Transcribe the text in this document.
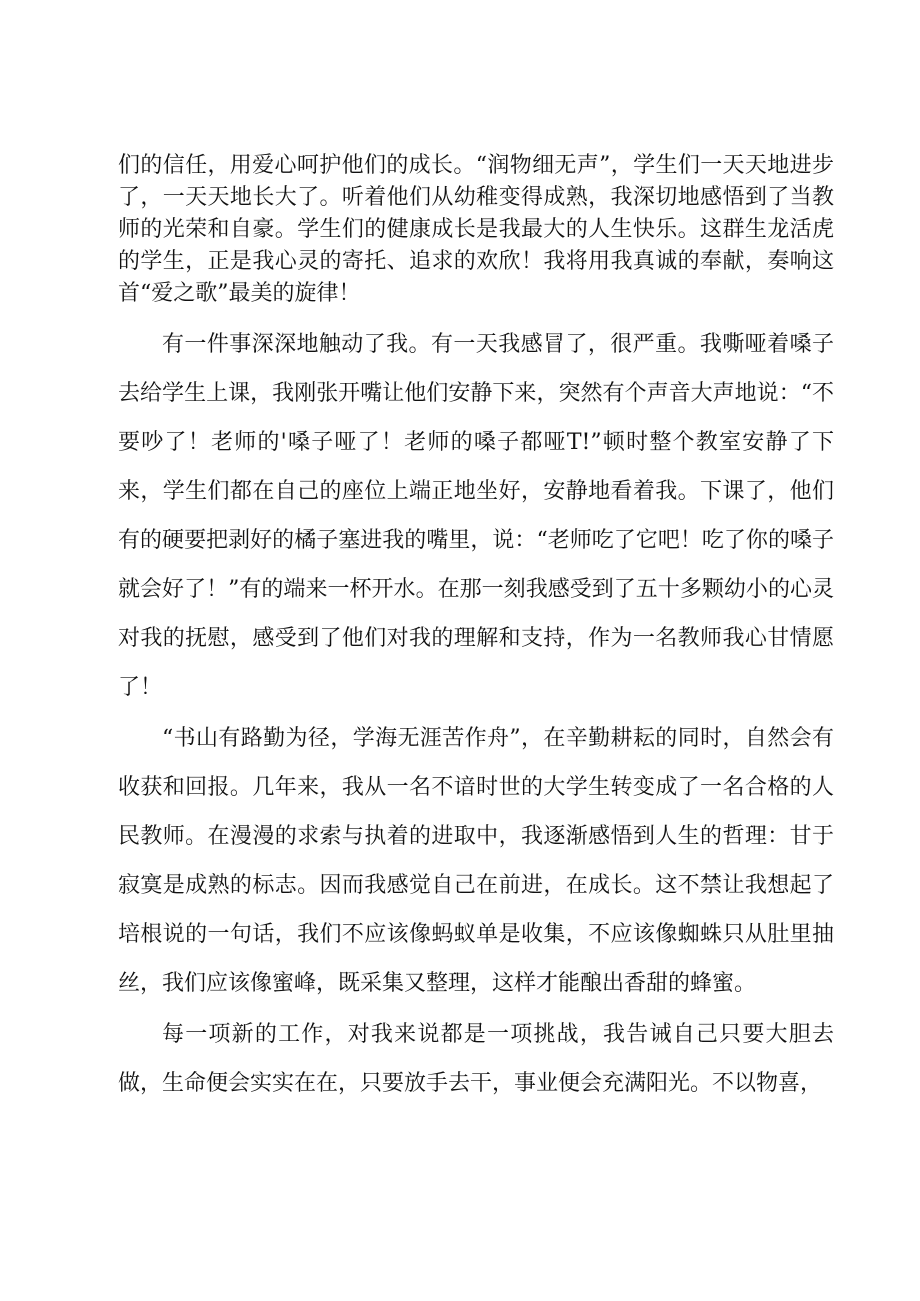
们的信任，用爱心呵护他们的成长。“润物细无声”，学生们一天天地进步了，一天天地长大了。听着他们从幼稚变得成熟，我深切地感悟到了当教师的光荣和自豪。学生们的健康成长是我最大的人生快乐。这群生龙活虎的学生，正是我心灵的寄托、追求的欢欣！我将用我真诚的奉献，奏响这首“爱之歌”最美的旋律！

有一件事深深地触动了我。有一天我感冒了，很严重。我嘶哑着嗓子去给学生上课，我刚张开嘴让他们安静下来，突然有个声音大声地说：“不要吵了！老师的'嗓子哑了！老师的嗓子都哑T!”顿时整个教室安静了下来，学生们都在自己的座位上端正地坐好，安静地看着我。下课了，他们有的硬要把剥好的橘子塞进我的嘴里，说：“老师吃了它吧！吃了你的嗓子就会好了！”有的端来一杯开水。在那一刻我感受到了五十多颗幼小的心灵对我的抚慰，感受到了他们对我的理解和支持，作为一名教师我心甘情愿了！

“书山有路勤为径，学海无涯苦作舟”，在辛勤耕耘的同时，自然会有收获和回报。几年来，我从一名不谙时世的大学生转变成了一名合格的人民教师。在漫漫的求索与执着的进取中，我逐渐感悟到人生的哲理：甘于寂寞是成熟的标志。因而我感觉自己在前进，在成长。这不禁让我想起了培根说的一句话，我们不应该像蚂蚁单是收集，不应该像蜘蛛只从肚里抽丝，我们应该像蜜峰，既采集又整理，这样才能酿出香甜的蜂蜜。

每一项新的工作，对我来说都是一项挑战，我告诫自己只要大胆去做，生命便会实实在在，只要放手去干，事业便会充满阳光。不以物喜，
